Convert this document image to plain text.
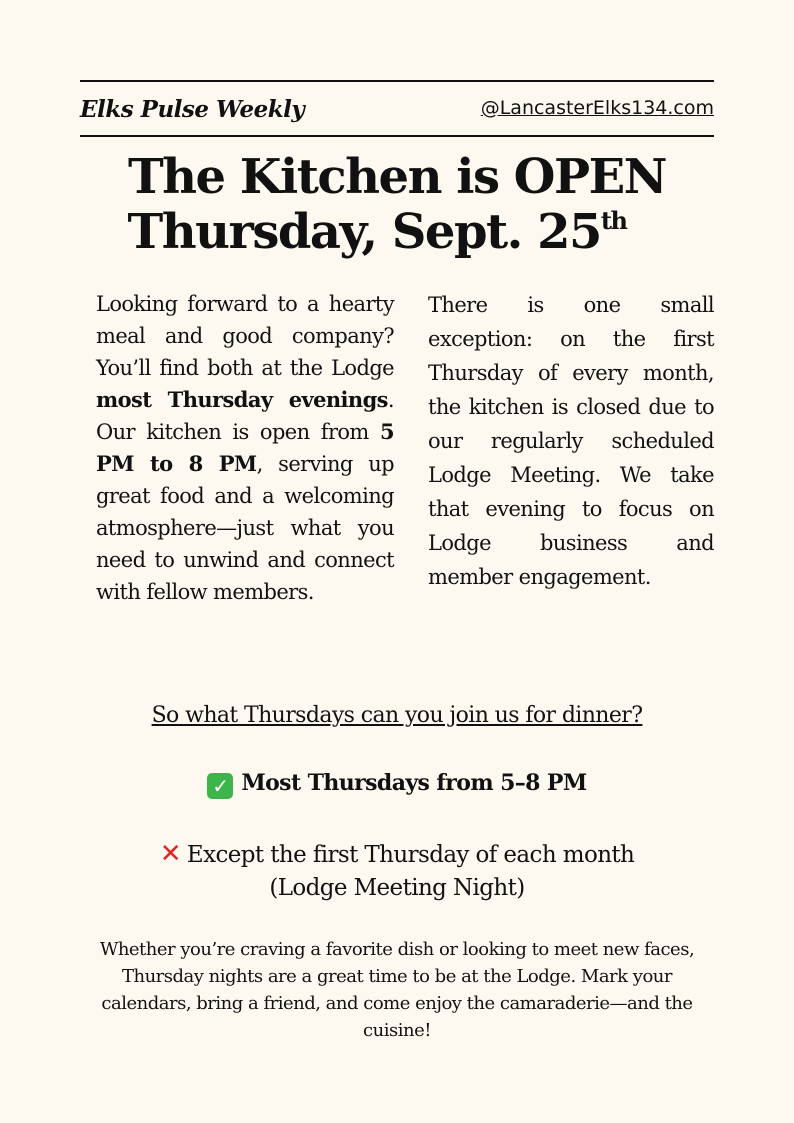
Elks Pulse Weekly	@LancasterElks134.com
The Kitchen is OPEN
Thursday, Sept. 25th
Looking forward to a hearty meal and good company? You’ll find both at the Lodge most Thursday evenings. Our kitchen is open from 5 PM to 8 PM, serving up great food and a welcoming atmosphere—just what you need to unwind and connect with fellow members.
There is one small exception: on the first Thursday of every month, the kitchen is closed due to our regularly scheduled Lodge Meeting. We take that evening to focus on Lodge business and member engagement.
So what Thursdays can you join us for dinner?
✓ Most Thursdays from 5–8 PM
✕ Except the first Thursday of each month
(Lodge Meeting Night)
Whether you’re craving a favorite dish or looking to meet new faces, Thursday nights are a great time to be at the Lodge. Mark your calendars, bring a friend, and come enjoy the camaraderie—and the cuisine!
